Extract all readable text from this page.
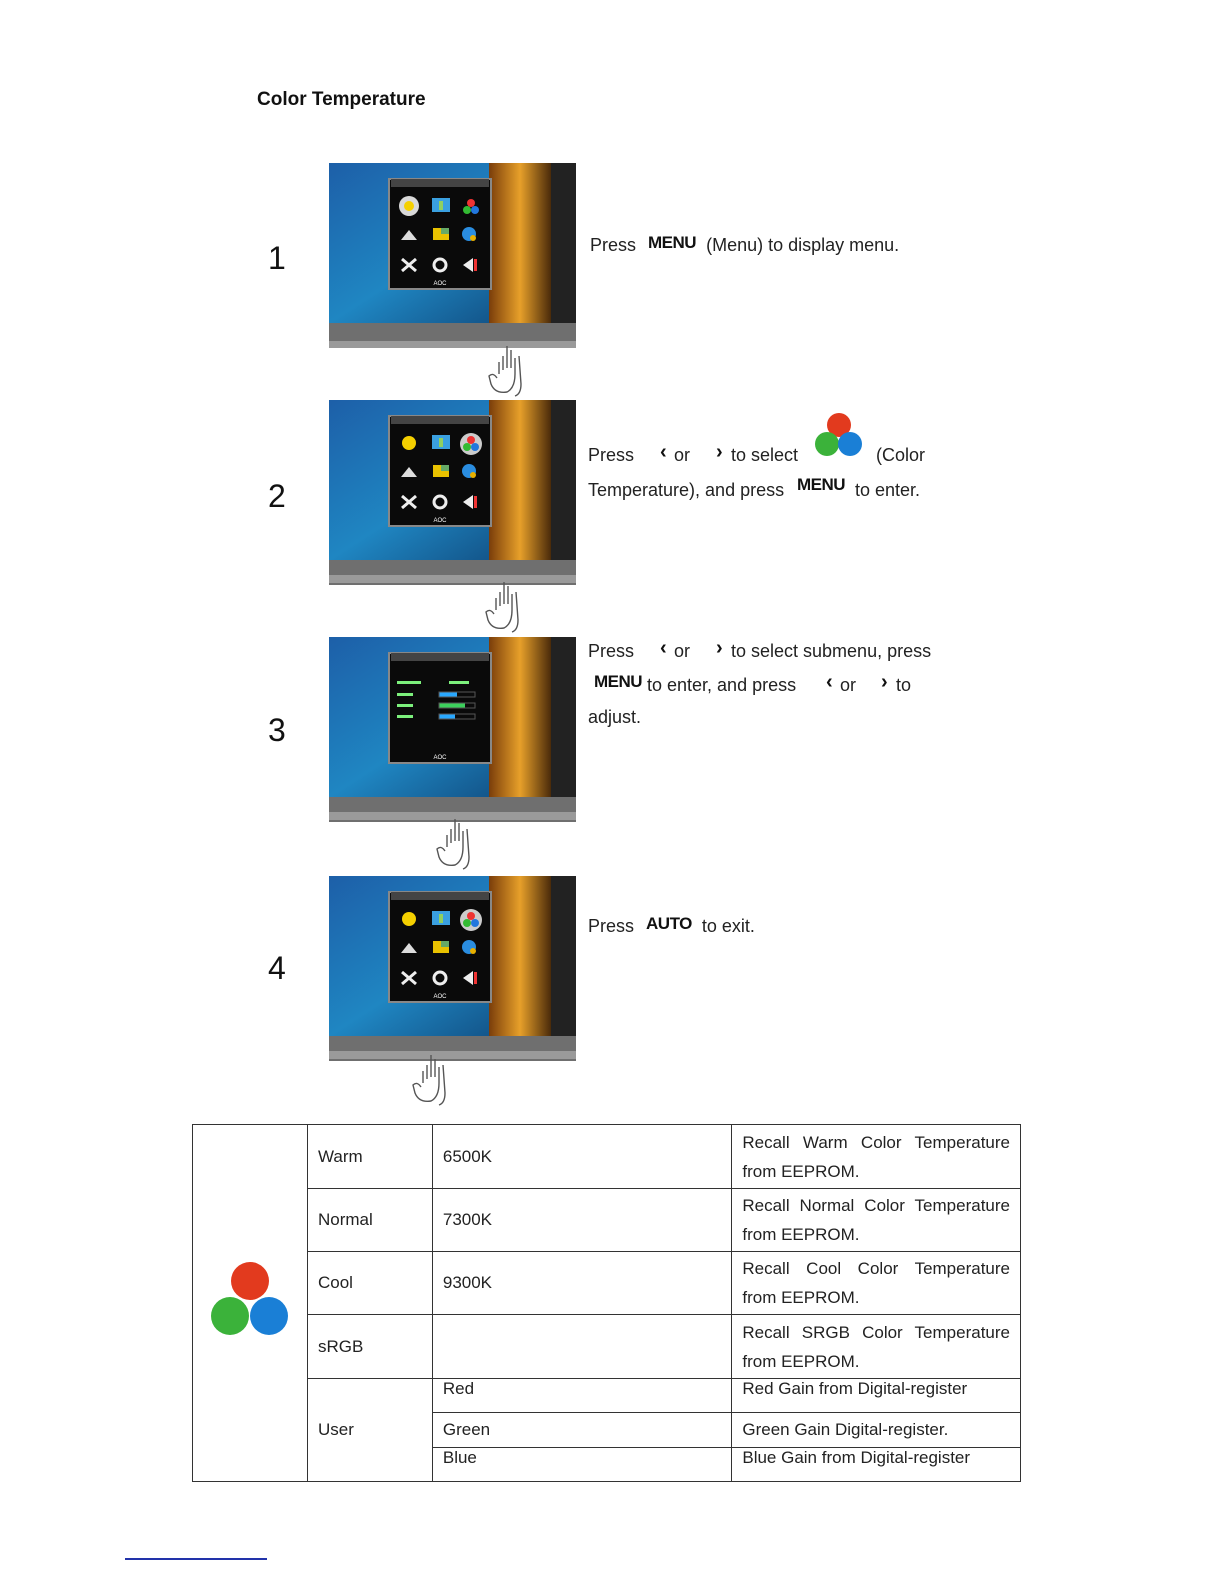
Color Temperature
1
AOC
Press MENU (Menu) to display menu.
2
AOC
Press ‹ or › to select	(Color
Temperature), and press MENU to enter.
3
AOC
Press ‹ or › to select submenu, press
MENU to enter, and press ‹ or › to
adjust.
4
AOC
Press AUTO to exit.
	Warm	6500K	Recall Warm Color Temperature from EEPROM.
	Normal	7300K	Recall Normal Color Temperature from EEPROM.
	Cool	9300K	Recall Cool Color Temperature from EEPROM.
	sRGB		Recall SRGB Color Temperature from EEPROM.
	User	Red	Red Gain from Digital-register
		Green	Green Gain Digital-register.
		Blue	Blue Gain from Digital-register
